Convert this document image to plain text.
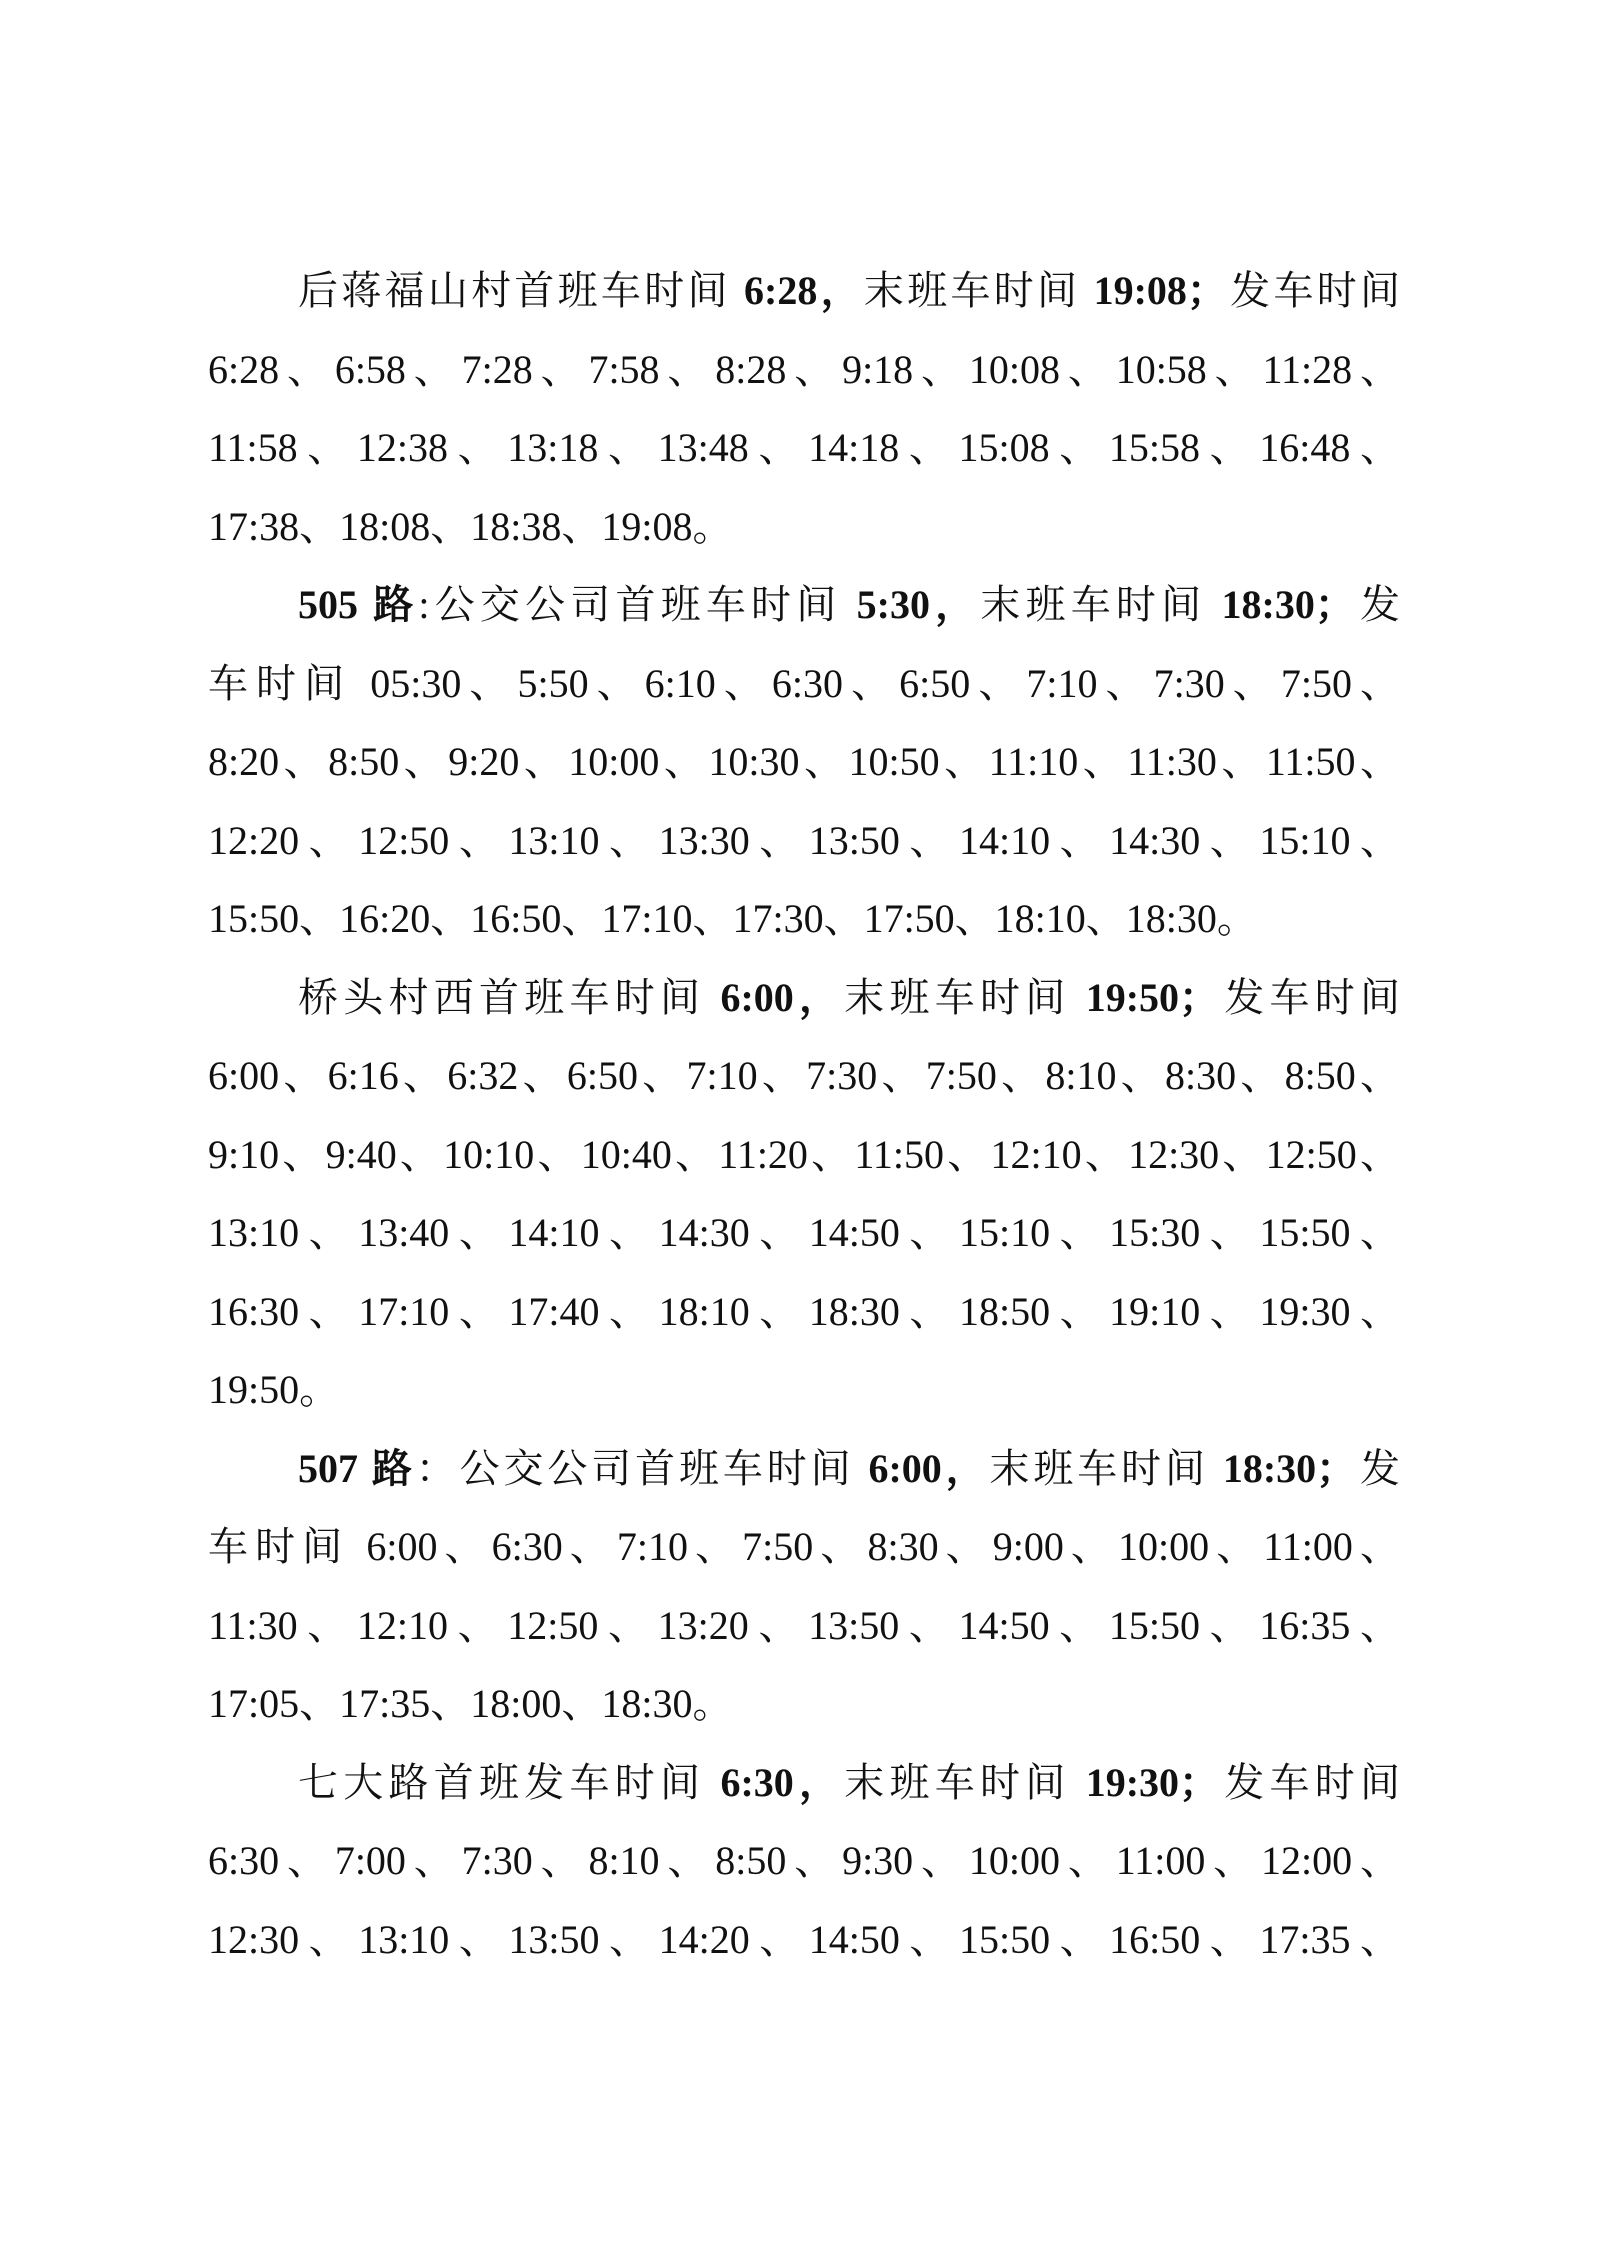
后蒋福山村首班车时间 6:28，末班车时间 19:08；发车时间
6:28、6:58、7:28、7:58、8:28、9:18、10:08、10:58、11:28、
11:58、12:38、13:18、13:48、14:18、15:08、15:58、16:48、
17:38、18:08、18:38、19:08。
505 路:公交公司首班车时间 5:30，末班车时间 18:30；发
车时间 05:30、5:50、6:10、6:30、6:50、7:10、7:30、7:50、
8:20、8:50、9:20、10:00、10:30、10:50、11:10、11:30、11:50、
12:20、12:50、13:10、13:30、13:50、14:10、14:30、15:10、
15:50、16:20、16:50、17:10、17:30、17:50、18:10、18:30。
桥头村西首班车时间 6:00，末班车时间 19:50；发车时间
6:00、6:16、6:32、6:50、7:10、7:30、7:50、8:10、8:30、8:50、
9:10、9:40、10:10、10:40、11:20、11:50、12:10、12:30、12:50、
13:10、13:40、14:10、14:30、14:50、15:10、15:30、15:50、
16:30、17:10、17:40、18:10、18:30、18:50、19:10、19:30、
19:50。
507 路：公交公司首班车时间 6:00，末班车时间 18:30；发
车时间 6:00、6:30、7:10、7:50、8:30、9:00、10:00、11:00、
11:30、12:10、12:50、13:20、13:50、14:50、15:50、16:35、
17:05、17:35、18:00、18:30。
七大路首班发车时间 6:30，末班车时间 19:30；发车时间
6:30、7:00、7:30、8:10、8:50、9:30、10:00、11:00、12:00、
12:30、13:10、13:50、14:20、14:50、15:50、16:50、17:35、
